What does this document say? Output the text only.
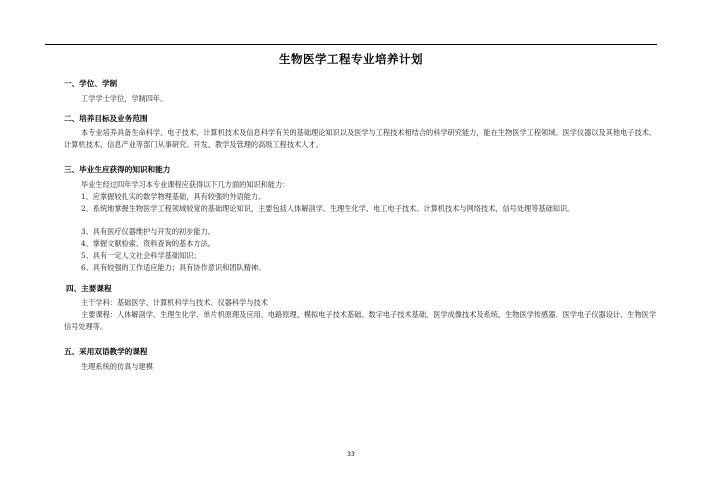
生物医学工程专业培养计划
一、学位、学制
工学学士学位，学制四年。
二、培养目标及业务范围
本专业培养具备生命科学、电子技术、计算机技术及信息科学有关的基础理论知识以及医学与工程技术相结合的科学研究能力，能在生物医学工程领域、医学仪器以及其他电子技术、计算机技术、信息产业等部门从事研究、开发、教学及管理的高级工程技术人才。
三、毕业生应获得的知识和能力
毕业生经过四年学习本专业课程应获得以下几方面的知识和能力：
1、应掌握较扎实的数学物理基础，具有较强的外语能力。
2、系统地掌握生物医学工程领域较宽的基础理论知识，主要包括人体解剖学、生理生化学、电工电子技术、计算机技术与网络技术，信号处理等基础知识。
3、具有医疗仪器维护与开发的初步能力。
4、掌握文献检索、资料查询的基本方法。
5、具有一定人文社会科学基础知识；
6、具有较强的工作适应能力；具有协作意识和团队精神。
四、主要课程
主干学科：基础医学、计算机科学与技术、仪器科学与技术
主要课程：人体解剖学、生理生化学、单片机原理及应用、电路原理、模拟电子技术基础、数字电子技术基础、医学成像技术及系统、生物医学传感器、医学电子仪器设计、生物医学信号处理等。
五、采用双语教学的课程
生理系统的仿真与建模
33
